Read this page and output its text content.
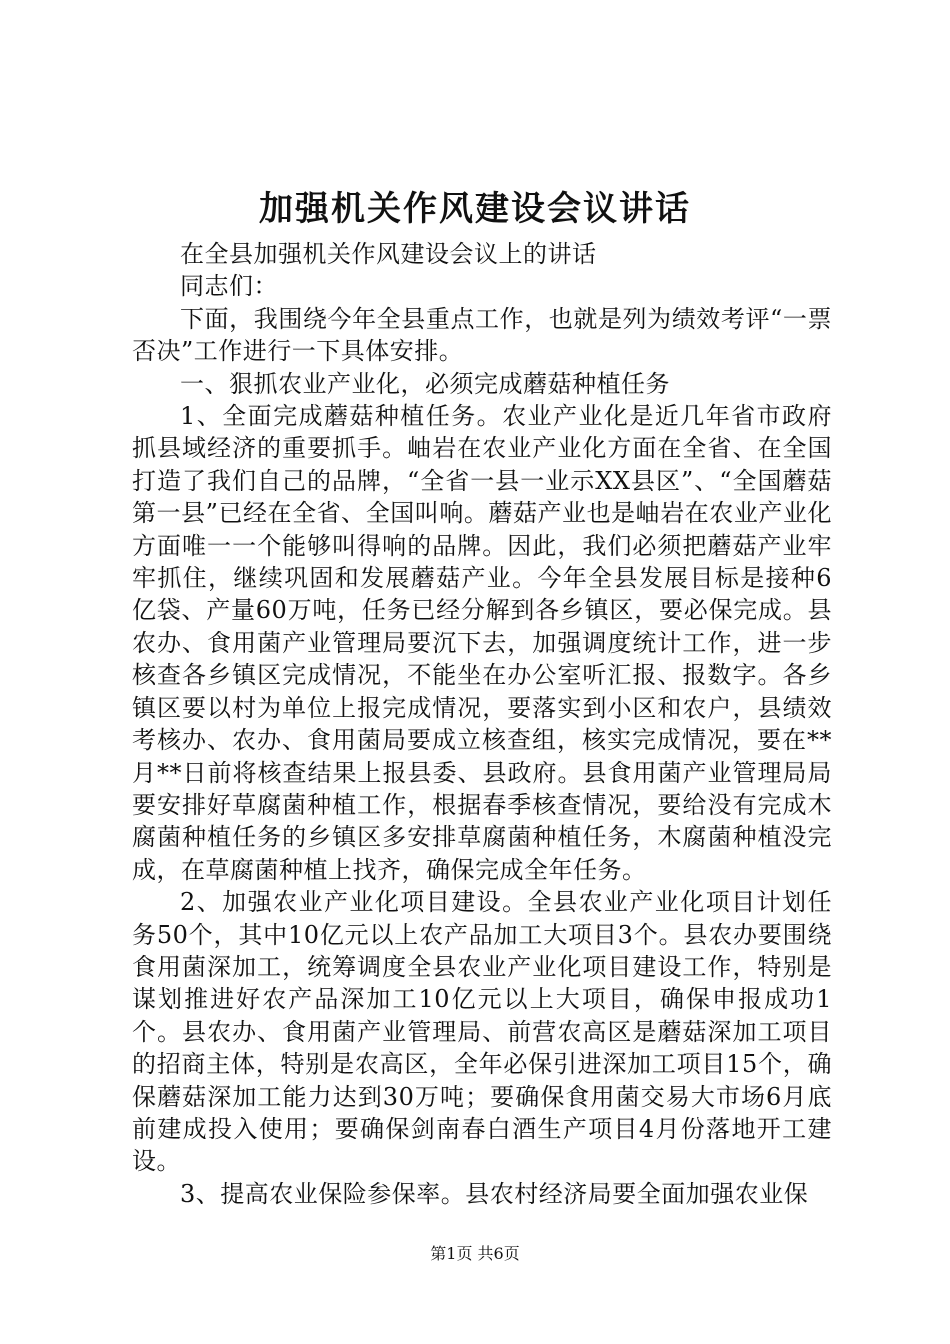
加强机关作风建设会议讲话

在全县加强机关作风建设会议上的讲话

同志们：

下面，我围绕今年全县重点工作，也就是列为绩效考评“一票否决”工作进行一下具体安排。

一、狠抓农业产业化，必须完成蘑菇种植任务

1、全面完成蘑菇种植任务。农业产业化是近几年省市政府抓县域经济的重要抓手。岫岩在农业产业化方面在全省、在全国打造了我们自己的品牌，“全省一县一业示XX县区”、“全国蘑菇第一县”已经在全省、全国叫响。蘑菇产业也是岫岩在农业产业化方面唯一一个能够叫得响的品牌。因此，我们必须把蘑菇产业牢牢抓住，继续巩固和发展蘑菇产业。今年全县发展目标是接种6亿袋、产量60万吨，任务已经分解到各乡镇区，要必保完成。县农办、食用菌产业管理局要沉下去，加强调度统计工作，进一步核查各乡镇区完成情况，不能坐在办公室听汇报、报数字。各乡镇区要以村为单位上报完成情况，要落实到小区和农户，县绩效考核办、农办、食用菌局要成立核查组，核实完成情况，要在**月**日前将核查结果上报县委、县政府。县食用菌产业管理局局要安排好草腐菌种植工作，根据春季核查情况，要给没有完成木腐菌种植任务的乡镇区多安排草腐菌种植任务，木腐菌种植没完成，在草腐菌种植上找齐，确保完成全年任务。

2、加强农业产业化项目建设。全县农业产业化项目计划任务50个，其中10亿元以上农产品加工大项目3个。县农办要围绕食用菌深加工，统筹调度全县农业产业化项目建设工作，特别是谋划推进好农产品深加工10亿元以上大项目，确保申报成功1个。县农办、食用菌产业管理局、前营农高区是蘑菇深加工项目的招商主体，特别是农高区，全年必保引进深加工项目15个，确保蘑菇深加工能力达到30万吨；要确保食用菌交易大市场6月底前建成投入使用；要确保剑南春白酒生产项目4月份落地开工建设。

3、提高农业保险参保率。县农村经济局要全面加强农业保

第1页 共6页
